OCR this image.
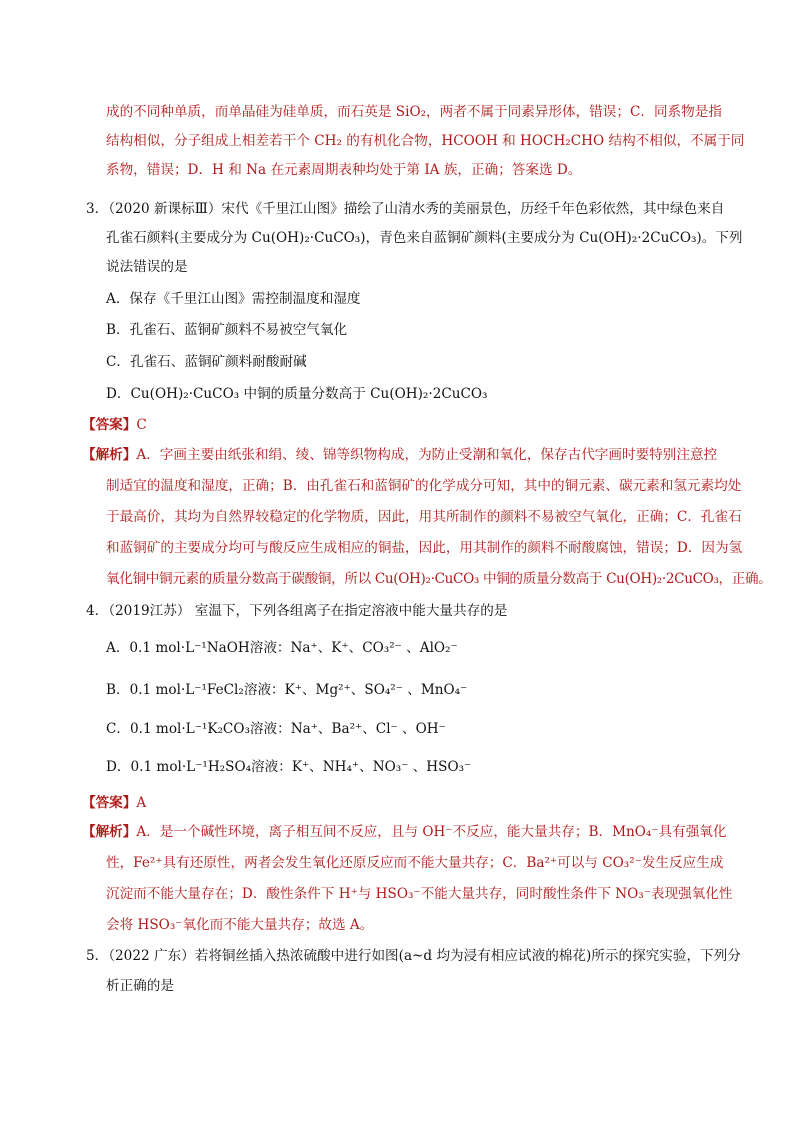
成的不同种单质，而单晶硅为硅单质，而石英是 SiO₂，两者不属于同素异形体，错误；C．同系物是指
结构相似，分子组成上相差若干个 CH₂ 的有机化合物，HCOOH 和 HOCH₂CHO 结构不相似，不属于同
系物，错误；D．H 和 Na 在元素周期表种均处于第 IA 族，正确；答案选 D。
3．（2020 新课标Ⅲ）宋代《千里江山图》描绘了山清水秀的美丽景色，历经千年色彩依然，其中绿色来自
孔雀石颜料(主要成分为 Cu(OH)₂·CuCO₃)，青色来自蓝铜矿颜料(主要成分为 Cu(OH)₂·2CuCO₃)。下列
说法错误的是
A．保存《千里江山图》需控制温度和湿度
B．孔雀石、蓝铜矿颜料不易被空气氧化
C．孔雀石、蓝铜矿颜料耐酸耐碱
D．Cu(OH)₂·CuCO₃ 中铜的质量分数高于 Cu(OH)₂·2CuCO₃
【答案】C
【解析】A．字画主要由纸张和绢、绫、锦等织物构成，为防止受潮和氧化，保存古代字画时要特别注意控
制适宜的温度和湿度，正确；B．由孔雀石和蓝铜矿的化学成分可知，其中的铜元素、碳元素和氢元素均处
于最高价，其均为自然界较稳定的化学物质，因此，用其所制作的颜料不易被空气氧化，正确；C．孔雀石
和蓝铜矿的主要成分均可与酸反应生成相应的铜盐，因此，用其制作的颜料不耐酸腐蚀，错误；D．因为氢
氧化铜中铜元素的质量分数高于碳酸铜，所以 Cu(OH)₂·CuCO₃ 中铜的质量分数高于 Cu(OH)₂·2CuCO₃，正确。
4．（2019江苏） 室温下，下列各组离子在指定溶液中能大量共存的是
A．0.1 mol·L⁻¹NaOH溶液：Na⁺、K⁺、CO₃²⁻ 、AlO₂⁻
B．0.1 mol·L⁻¹FeCl₂溶液：K⁺、Mg²⁺、SO₄²⁻ 、MnO₄⁻
C．0.1 mol·L⁻¹K₂CO₃溶液：Na⁺、Ba²⁺、Cl⁻ 、OH⁻
D．0.1 mol·L⁻¹H₂SO₄溶液：K⁺、NH₄⁺、NO₃⁻ 、HSO₃⁻
【答案】A
【解析】A．是一个碱性环境，离子相互间不反应，且与 OH⁻不反应，能大量共存；B．MnO₄⁻具有强氧化
性，Fe²⁺具有还原性，两者会发生氧化还原反应而不能大量共存；C．Ba²⁺可以与 CO₃²⁻发生反应生成
沉淀而不能大量存在；D．酸性条件下 H⁺与 HSO₃⁻不能大量共存，同时酸性条件下 NO₃⁻表现强氧化性
会将 HSO₃⁻氧化而不能大量共存；故选 A。
5．（2022 广东）若将铜丝插入热浓硫酸中进行如图(a~d 均为浸有相应试液的棉花)所示的探究实验，下列分
析正确的是
